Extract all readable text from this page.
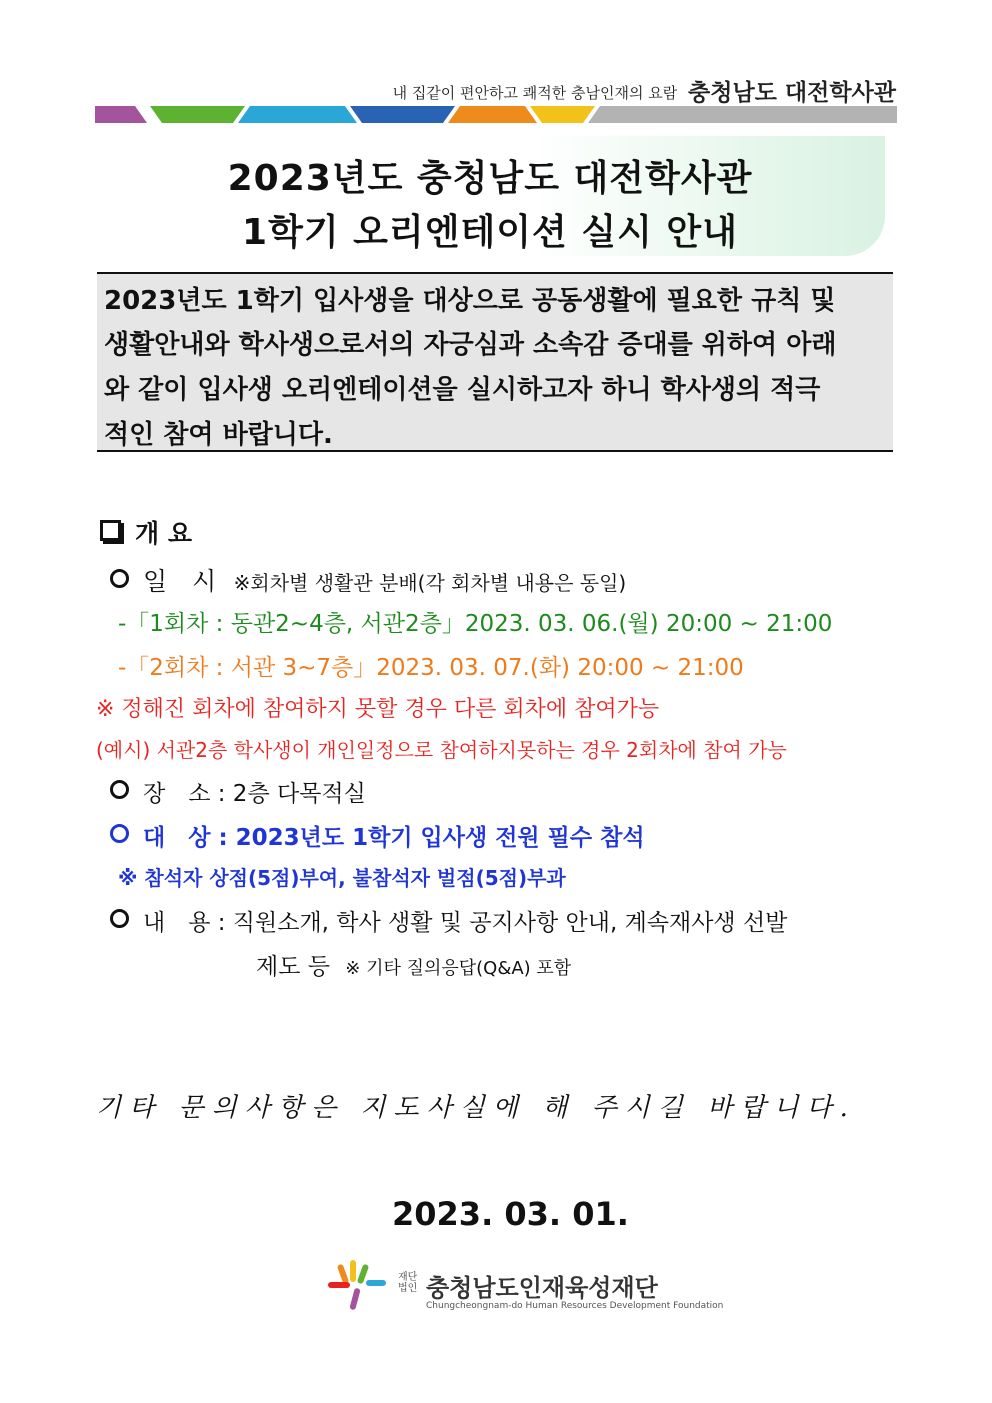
내 집같이 편안하고 쾌적한 충남인재의 요람 충청남도 대전학사관
2023년도 충청남도 대전학사관
1학기 오리엔테이션 실시 안내
2023년도 1학기 입사생을 대상으로 공동생활에 필요한 규칙 및
생활안내와 학사생으로서의 자긍심과 소속감 증대를 위하여 아래
와 같이 입사생 오리엔테이션을 실시하고자 하니 학사생의 적극
적인 참여 바랍니다.
개 요
일　시 ※회차별 생활관 분배(각 회차별 내용은 동일)
-「1회차 : 동관2~4층, 서관2층」2023. 03. 06.(월) 20:00 ~ 21:00
-「2회차 : 서관 3~7층」2023. 03. 07.(화) 20:00 ~ 21:00
※ 정해진 회차에 참여하지 못할 경우 다른 회차에 참여가능
(예시) 서관2층 학사생이 개인일정으로 참여하지못하는 경우 2회차에 참여 가능
장　소 : 2층 다목적실
대　상 : 2023년도 1학기 입사생 전원 필수 참석
※ 참석자 상점(5점)부여, 불참석자 벌점(5점)부과
내　용 : 직원소개, 학사 생활 및 공지사항 안내, 계속재사생 선발
제도 등 ※ 기타 질의응답(Q&A) 포함
기타 문의사항은 지도사실에 해 주시길 바랍니다.
2023. 03. 01.
재단
법인 충청남도인재육성재단
Chungcheongnam-do Human Resources Development Foundation
